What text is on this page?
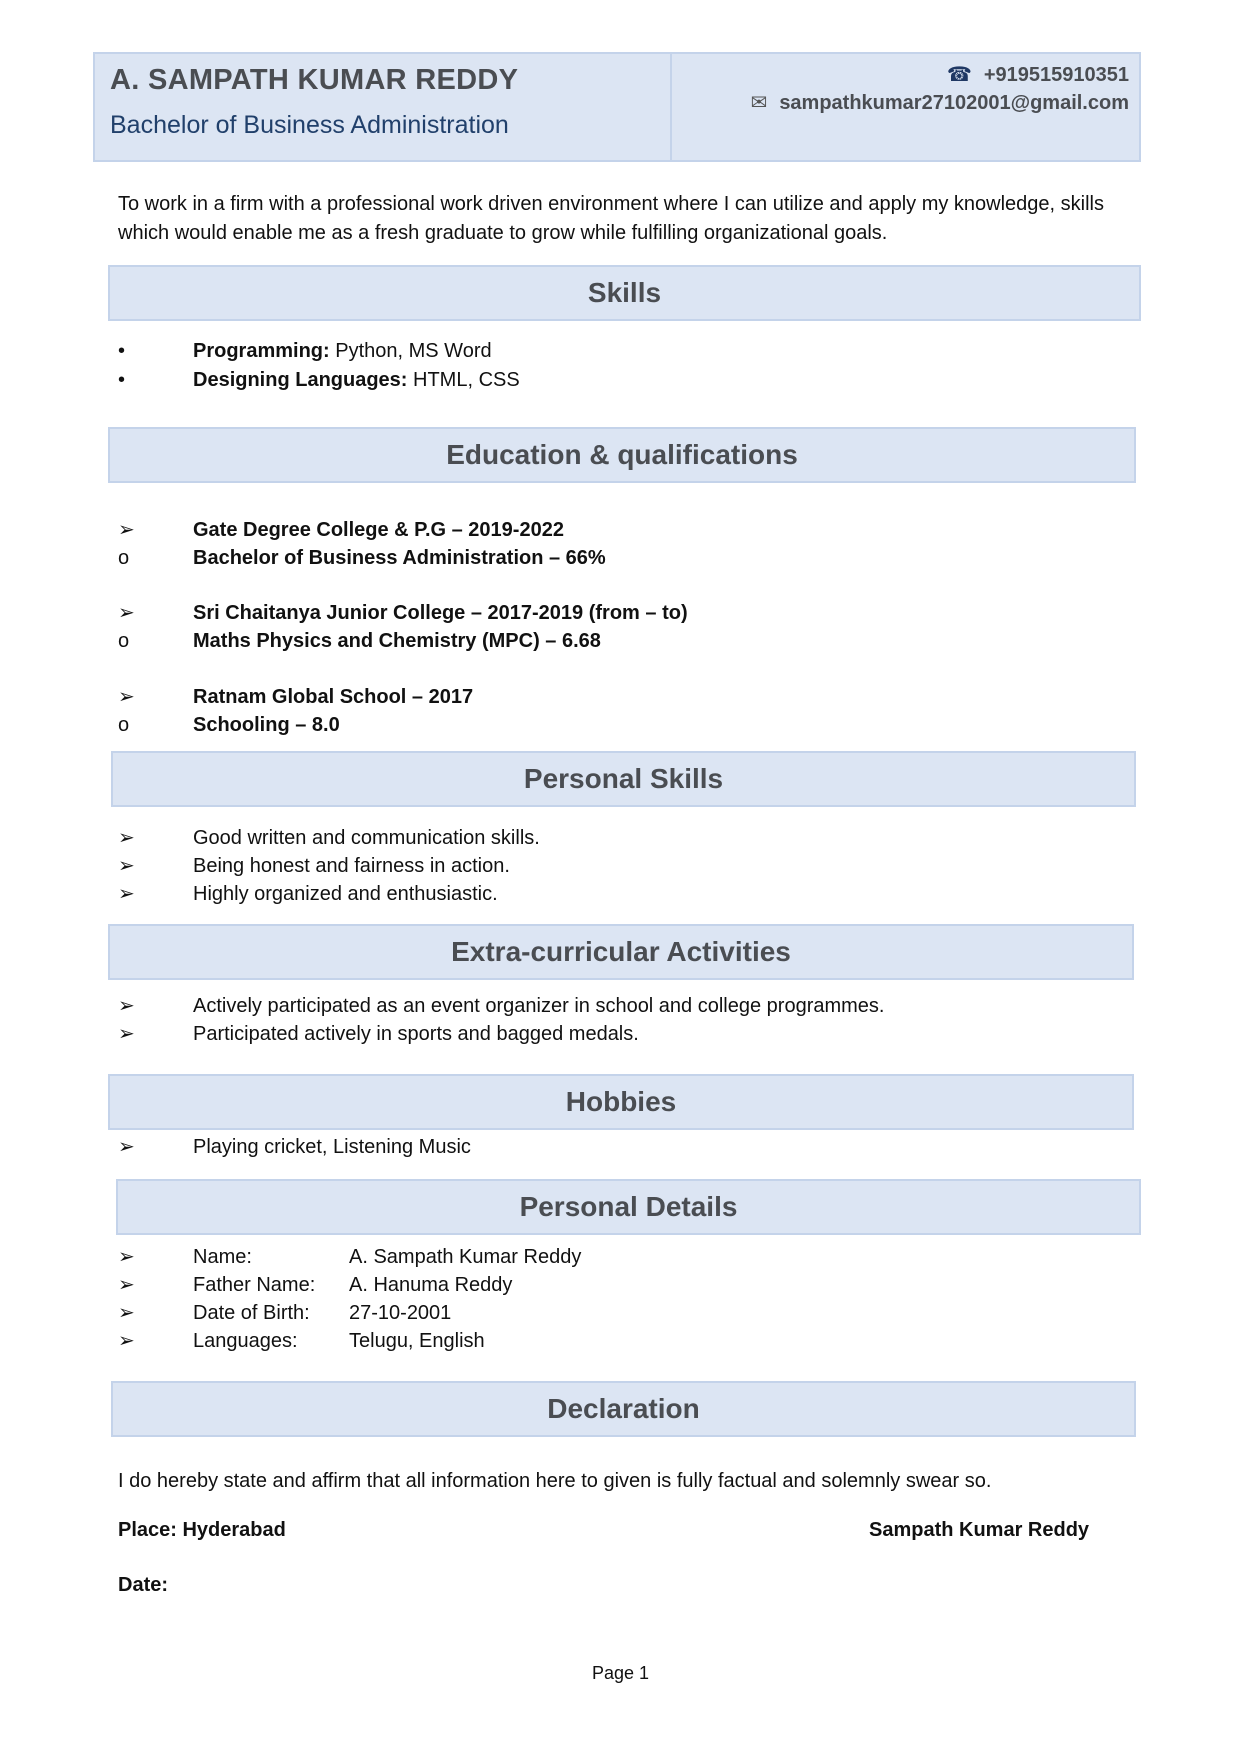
A. SAMPATH KUMAR REDDY
Bachelor of Business Administration
☎ +919515910351
✉ sampathkumar27102001@gmail.com
To work in a firm with a professional work driven environment where I can utilize and apply my knowledge, skills which would enable me as a fresh graduate to grow while fulfilling organizational goals.
Skills
•	Programming: Python, MS Word
•	Designing Languages: HTML, CSS
Education & qualifications
➢	Gate Degree College & P.G – 2019-2022
o	Bachelor of Business Administration – 66%
➢	Sri Chaitanya Junior College – 2017-2019 (from – to)
o	Maths Physics and Chemistry (MPC) – 6.68
➢	Ratnam Global School – 2017
o	Schooling – 8.0
Personal Skills
➢	Good written and communication skills.
➢	Being honest and fairness in action.
➢	Highly organized and enthusiastic.
Extra-curricular Activities
➢	Actively participated as an event organizer in school and college programmes.
➢	Participated actively in sports and bagged medals.
Hobbies
➢	Playing cricket, Listening Music
Personal Details
➢	Name:	A. Sampath Kumar Reddy
➢	Father Name: A. Hanuma Reddy
➢	Date of Birth: 27-10-2001
➢	Languages:	Telugu, English
Declaration
I do hereby state and affirm that all information here to given is fully factual and solemnly swear so.
Place: Hyderabad	Sampath Kumar Reddy
Date:
Page 1
